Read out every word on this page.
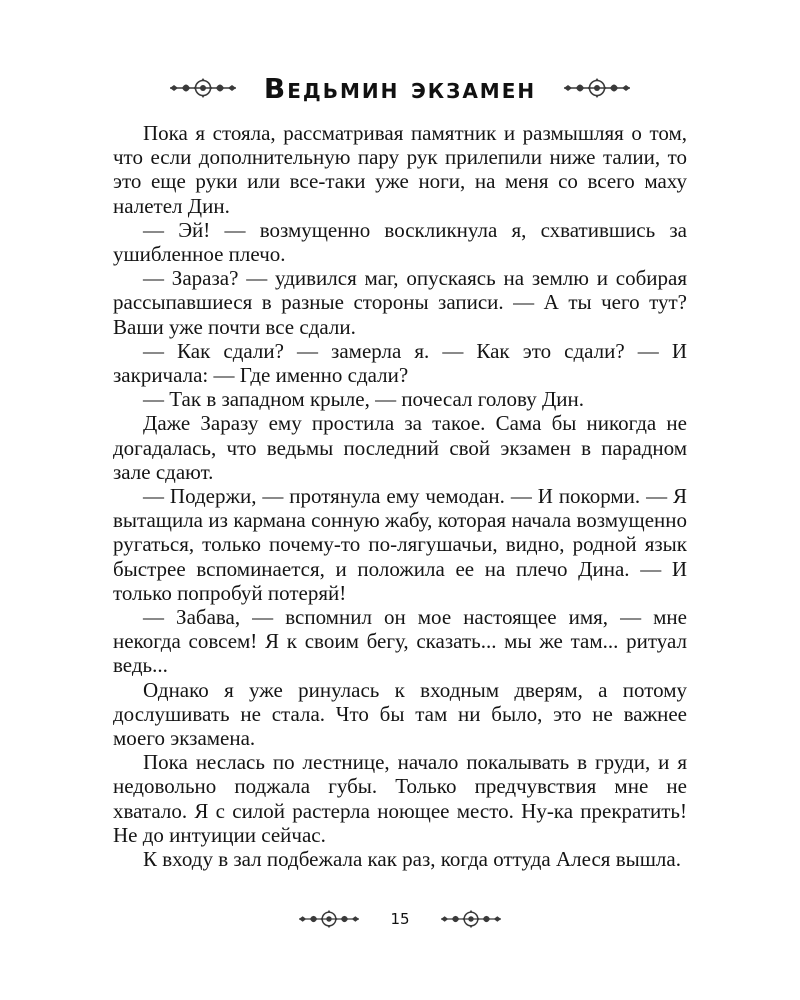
Ведьмин экзамен

Пока я стояла, рассматривая памятник и размышляя о том, что если дополнительную пару рук прилепили ниже талии, то это еще руки или все-таки уже ноги, на меня со всего маху налетел Дин.

— Эй! — возмущенно воскликнула я, схватившись за ушибленное плечо.

— Зараза? — удивился маг, опускаясь на землю и собирая рассыпавшиеся в разные стороны записи. — А ты чего тут? Ваши уже почти все сдали.

— Как сдали? — замерла я. — Как это сдали? — И закричала: — Где именно сдали?

— Так в западном крыле, — почесал голову Дин.

Даже Заразу ему простила за такое. Сама бы никогда не догадалась, что ведьмы последний свой экзамен в парадном зале сдают.

— Подержи, — протянула ему чемодан. — И покорми. — Я вытащила из кармана сонную жабу, которая начала возмущенно ругаться, только почему-то по-лягушачьи, видно, родной язык быстрее вспоминается, и положила ее на плечо Дина. — И только попробуй потеряй!

— Забава, — вспомнил он мое настоящее имя, — мне некогда совсем! Я к своим бегу, сказать... мы же там... ритуал ведь...

Однако я уже ринулась к входным дверям, а потому дослушивать не стала. Что бы там ни было, это не важнее моего экзамена.

Пока неслась по лестнице, начало покалывать в груди, и я недовольно поджала губы. Только предчувствия мне не хватало. Я с силой растерла ноющее место. Ну-ка прекратить! Не до интуиции сейчас.

К входу в зал подбежала как раз, когда оттуда Алеся вышла.

15
